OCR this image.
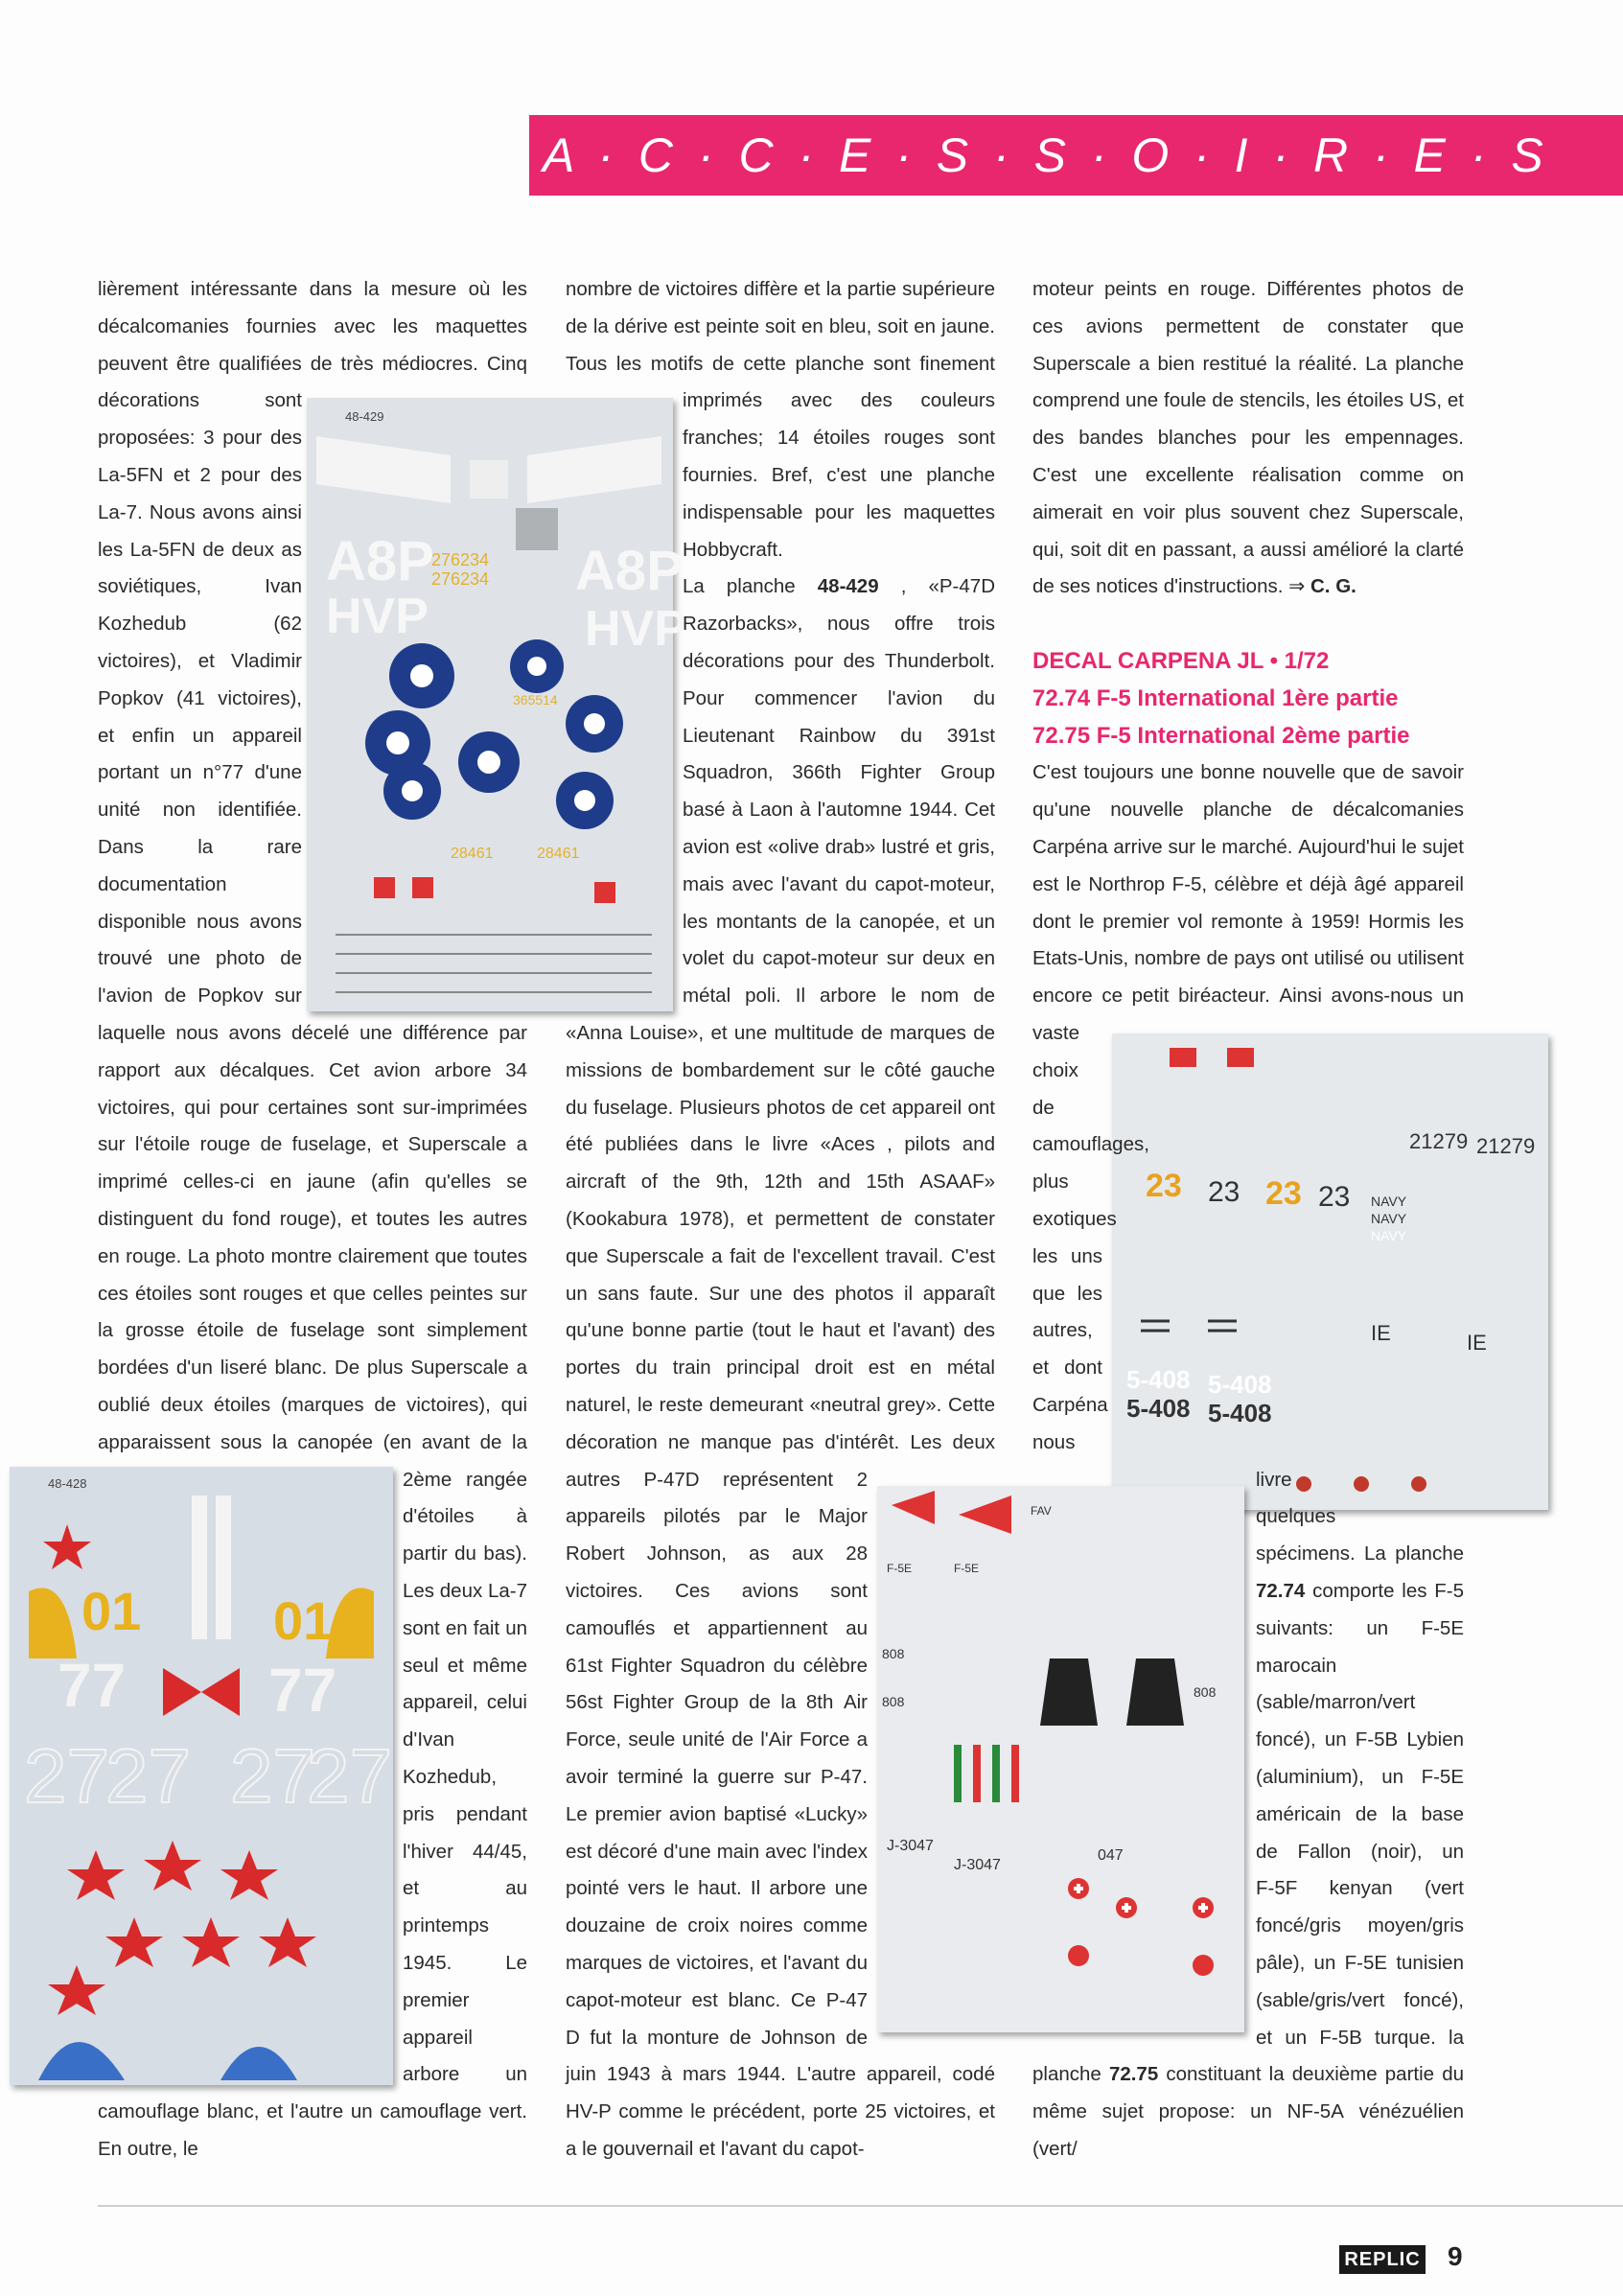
A · C · C · E · S · S · O · I · R · E · S
48-429
A8P
HVP
A8P
HVP
276234
276234
365514
28461	28461
48-428
01 01
77 77
27
27 27
27
21279 21279
23 23 23 23 NAVY
NAVY
NAVY
IE	IE
5-408 5-408
5-408 5-408
FAV
F-5E	F-5E
808
808
808
J-3047
J-3047
047
lièrement intéressante dans la mesure où les
décalcomanies fournies avec les maquettes
peuvent être qualifiées de très médiocres. Cinq
décorations	sont
proposées: 3 pour des
La-5FN et 2 pour des
La-7. Nous avons ainsi
les La-5FN de deux as
soviétiques,	Ivan
Kozhedub	(62
victoires), et Vladimir
Popkov (41 victoires),
et enfin un appareil
portant un n°77 d'une
unité non identifiée.
Dans	la	rare
documentation
disponible nous avons
trouvé une photo de
l'avion de Popkov sur
laquelle nous avons décelé une différence par
rapport aux décalques. Cet avion arbore 34
victoires, qui pour certaines sont sur-imprimées
sur l'étoile rouge de fuselage, et Superscale a
imprimé celles-ci en jaune (afin qu'elles se
distinguent du fond rouge), et toutes les autres
en rouge. La photo montre clairement que toutes
ces étoiles sont rouges et que celles peintes sur
la grosse étoile de fuselage sont simplement
bordées d'un liseré blanc. De plus Superscale a
oublié deux étoiles (marques de victoires), qui
apparaissent sous la canopée (en avant de la
2ème rangée
d'étoiles à
partir du bas).
Les deux La-7
sont en fait un
seul et même
appareil, celui
d'Ivan
Kozhedub,
pris pendant
l'hiver 44/45,
et	au
printemps
1945.	Le
premier
appareil
arbore un
camouflage blanc, et l'autre un camouflage vert.
En outre, le
nombre de victoires diffère et la partie supérieure
de la dérive est peinte soit en bleu, soit en jaune.
Tous les motifs de cette planche sont finement
imprimés avec des couleurs
franches; 14 étoiles rouges sont
fournies. Bref, c'est une planche
indispensable pour les maquettes
Hobbycraft.
La planche 48-429 , «P-47D
Razorbacks», nous offre trois
décorations pour des Thunderbolt.
Pour commencer l'avion du
Lieutenant Rainbow du 391st
Squadron, 366th Fighter Group
basé à Laon à l'automne 1944. Cet
avion est «olive drab» lustré et gris,
mais avec l'avant du capot-moteur,
les montants de la canopée, et un
volet du capot-moteur sur deux en
métal poli. Il arbore le nom de
«Anna Louise», et une multitude de marques de
missions de bombardement sur le côté gauche
du fuselage. Plusieurs photos de cet appareil ont
été publiées dans le livre «Aces , pilots and
aircraft of the 9th, 12th and 15th ASAAF»
(Kookabura 1978), et permettent de constater
que Superscale a fait de l'excellent travail. C'est
un sans faute. Sur une des photos il apparaît
qu'une bonne partie (tout le haut et l'avant) des
portes du train principal droit est en métal
naturel, le reste demeurant «neutral grey». Cette
décoration ne manque pas d'intérêt. Les deux
autres P-47D représentent 2
appareils pilotés par le Major
Robert Johnson, as aux 28
victoires. Ces avions sont
camouflés et appartiennent au
61st Fighter Squadron du célèbre
56st Fighter Group de la 8th Air
Force, seule unité de l'Air Force a
avoir terminé la guerre sur P-47.
Le premier avion baptisé «Lucky»
est décoré d'une main avec l'index
pointé vers le haut. Il arbore une
douzaine de croix noires comme
marques de victoires, et l'avant du
capot-moteur est blanc. Ce P-47
D fut la monture de Johnson de
juin 1943 à mars 1944. L'autre appareil, codé
HV-P comme le précédent, porte 25 victoires, et
a le gouvernail et l'avant du capot-
moteur peints en rouge. Différentes photos de
ces avions permettent de constater que
Superscale a bien restitué la réalité. La planche
comprend une foule de stencils, les étoiles US, et
des bandes blanches pour les empennages.
C'est une excellente réalisation comme on
aimerait en voir plus souvent chez Superscale,
qui, soit dit en passant, a aussi amélioré la clarté
de ses notices d'instructions. ⇒ C. G.
DECAL CARPENA JL • 1/72
72.74 F-5 International 1ère partie
72.75 F-5 International 2ème partie
C'est toujours une bonne nouvelle que de savoir
qu'une nouvelle planche de décalcomanies
Carpéna arrive sur le marché. Aujourd'hui le sujet
est le Northrop F-5, célèbre et déjà âgé appareil
dont le premier vol remonte à 1959! Hormis les
Etats-Unis, nombre de pays ont utilisé ou utilisent
encore ce petit biréacteur. Ainsi avons-nous un
vaste
choix
de
camouflages,
plus
exotiques
les uns
que les
autres,
et dont
Carpéna
nous
livre
quelques
spécimens. La planche
72.74 comporte les F-5
suivants: un F-5E
marocain
(sable/marron/vert
foncé), un F-5B Lybien
(aluminium), un F-5E
américain de la base
de Fallon (noir), un
F-5F kenyan (vert
foncé/gris moyen/gris
pâle), un F-5E tunisien
(sable/gris/vert foncé),
et un F-5B turque. la
planche 72.75 constituant la deuxième partie du
même sujet propose: un NF-5A vénézuélien
(vert/
REPLIC 9
